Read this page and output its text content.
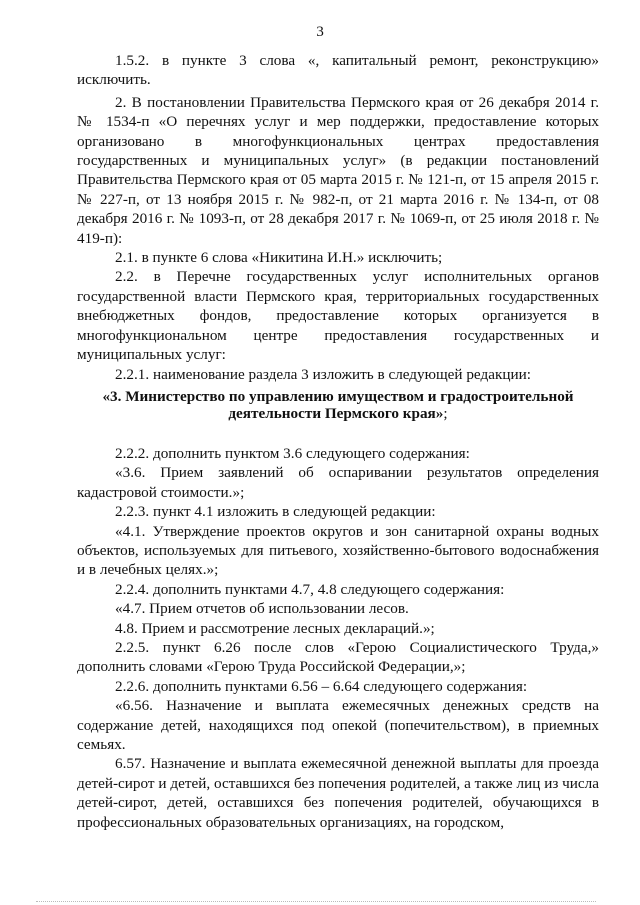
3

1.5.2. в пункте 3 слова «, капитальный ремонт, реконструкцию» исключить.

2. В постановлении Правительства Пермского края от 26 декабря 2014 г. № 1534-п «О перечнях услуг и мер поддержки, предоставление которых организовано в многофункциональных центрах предоставления государственных и муниципальных услуг» (в редакции постановлений Правительства Пермского края от 05 марта 2015 г. № 121-п, от 15 апреля 2015 г. № 227-п, от 13 ноября 2015 г. № 982-п, от 21 марта 2016 г. № 134-п, от 08 декабря 2016 г. № 1093-п, от 28 декабря 2017 г. № 1069-п, от 25 июля 2018 г. № 419-п):

2.1. в пункте 6 слова «Никитина И.Н.» исключить;

2.2. в Перечне государственных услуг исполнительных органов государственной власти Пермского края, территориальных государственных внебюджетных фондов, предоставление которых организуется в многофункциональном центре предоставления государственных и муниципальных услуг:

2.2.1. наименование раздела 3 изложить в следующей редакции:

«3. Министерство по управлению имуществом и градостроительной деятельности Пермского края»;

2.2.2. дополнить пунктом 3.6 следующего содержания:

«3.6. Прием заявлений об оспаривании результатов определения кадастровой стоимости.»;

2.2.3. пункт 4.1 изложить в следующей редакции:

«4.1. Утверждение проектов округов и зон санитарной охраны водных объектов, используемых для питьевого, хозяйственно-бытового водоснабжения и в лечебных целях.»;

2.2.4. дополнить пунктами 4.7, 4.8 следующего содержания:

«4.7. Прием отчетов об использовании лесов.

4.8. Прием и рассмотрение лесных деклараций.»;

2.2.5. пункт 6.26 после слов «Герою Социалистического Труда,» дополнить словами «Герою Труда Российской Федерации,»;

2.2.6. дополнить пунктами 6.56 – 6.64 следующего содержания:

«6.56. Назначение и выплата ежемесячных денежных средств на содержание детей, находящихся под опекой (попечительством), в приемных семьях.

6.57. Назначение и выплата ежемесячной денежной выплаты для проезда детей-сирот и детей, оставшихся без попечения родителей, а также лиц из числа детей-сирот, детей, оставшихся без попечения родителей, обучающихся в профессиональных образовательных организациях, на городском,
